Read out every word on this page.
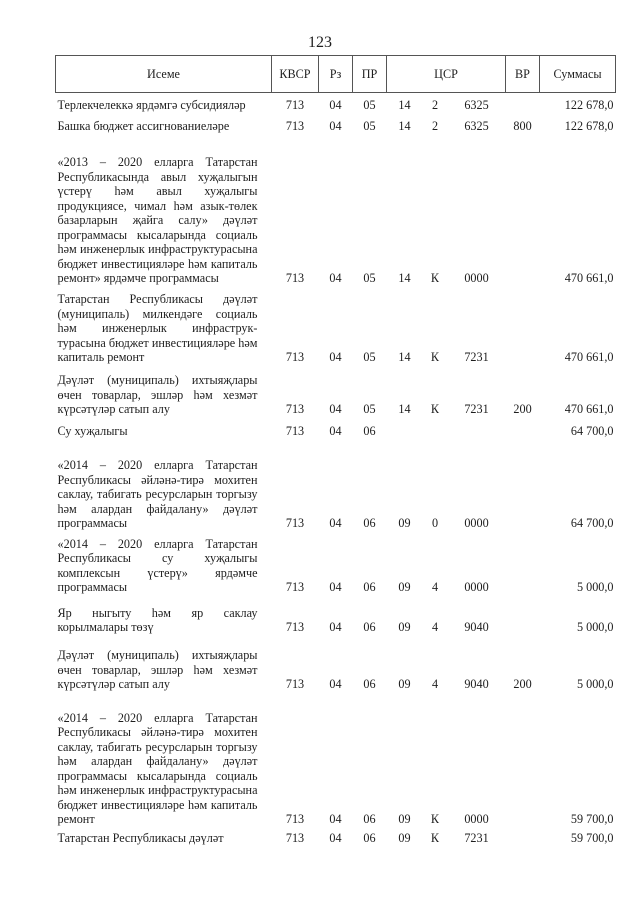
123
Исеме	КВСР	Рз	ПР	ЦСР			ВР	Суммасы
Терлекчелеккә ярдәмгә субсидияләр	713	04	05	14	2	6325		122 678,0
Башка бюджет ассигнованиеләре	713	04	05	14	2	6325	800	122 678,0
«2013 – 2020 елларга Татарстан Республикасында авыл хуҗалыгын үстерү һәм авыл хуҗалыгы продукциясе, чимал һәм азык-төлек базарларын җайга салу» дәүләт программасы кысаларында социаль һәм инженерлык инфраструктурасына бюджет инвестицияләре һәм капиталь ремонт» ярдәмче программасы	713	04	05	14	К	0000		470 661,0
Татарстан Республикасы дәүләт (муниципаль) милкендәге социаль һәм инженерлык инфраструк-турасына бюджет инвестицияләре һәм капиталь ремонт	713	04	05	14	К	7231		470 661,0
Дәүләт (муниципаль) ихтыяҗлары өчен товарлар, эшләр һәм хезмәт күрсәтүләр сатып алу	713	04	05	14	К	7231	200	470 661,0
Су хуҗалыгы	713	04	06					64 700,0
«2014 – 2020 елларга Татарстан Республикасы әйләнә-тирә мохитен саклау, табигать ресурсларын торгызу һәм алардан файдалану» дәүләт программасы	713	04	06	09	0	0000		64 700,0
«2014 – 2020 елларга Татарстан Республикасы су хуҗалыгы комплексын үстерү» ярдәмче программасы	713	04	06	09	4	0000		5 000,0
Яр ныгыту һәм яр саклау корылмалары төзү	713	04	06	09	4	9040		5 000,0
Дәүләт (муниципаль) ихтыяҗлары өчен товарлар, эшләр һәм хезмәт күрсәтүләр сатып алу	713	04	06	09	4	9040	200	5 000,0
«2014 – 2020 елларга Татарстан Республикасы әйләнә-тирә мохитен саклау, табигать ресурсларын торгызу һәм алардан файдалану» дәүләт программасы кысаларында социаль һәм инженерлык инфраструктурасына бюджет инвестицияләре һәм капиталь ремонт	713	04	06	09	К	0000		59 700,0
Татарстан Республикасы дәүләт	713	04	06	09	К	7231		59 700,0
